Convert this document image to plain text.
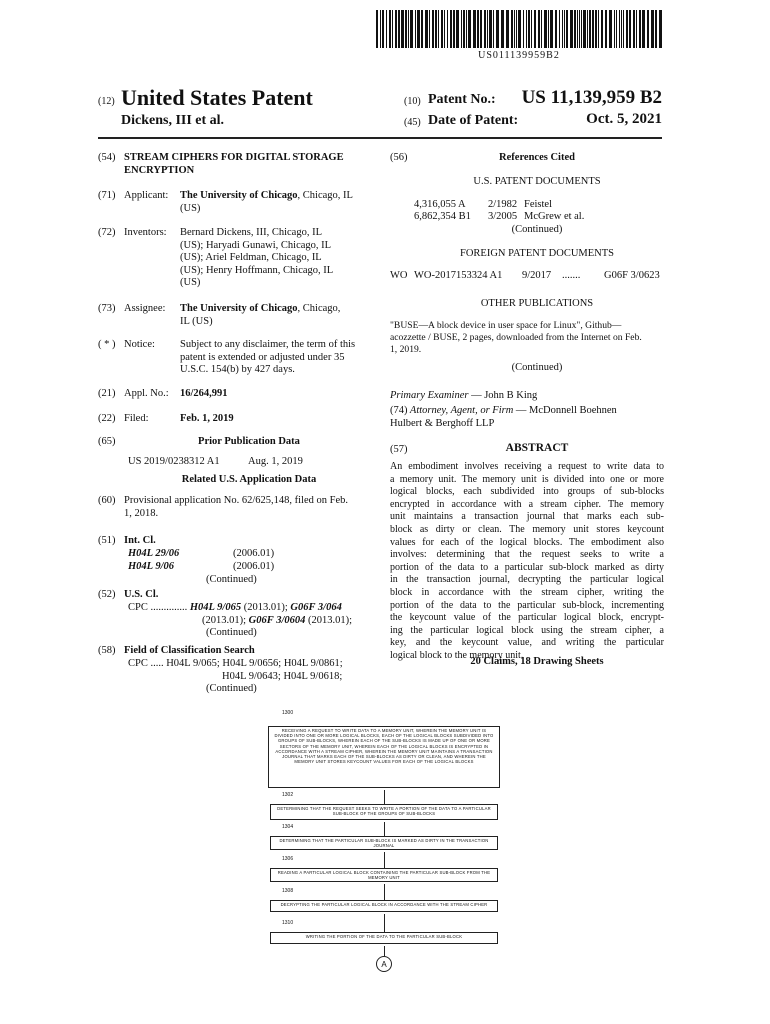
US011139959B2
(12) United States Patent	(10) Patent No.: US 11,139,959 B2
Dickens, III et al.	(45) Date of Patent:	Oct. 5, 2021
(54) STREAM CIPHERS FOR DIGITAL STORAGE ENCRYPTION
(71) Applicant: The University of Chicago, Chicago, IL (US)
(72) Inventors: Bernard Dickens, III, Chicago, IL
(US); Haryadi Gunawi, Chicago, IL
(US); Ariel Feldman, Chicago, IL
(US); Henry Hoffmann, Chicago, IL
(US)
(73) Assignee: The University of Chicago, Chicago,
IL (US)
( * ) Notice: Subject to any disclaimer, the term of this
patent is extended or adjusted under 35
U.S.C. 154(b) by 427 days.
(21) Appl. No.: 16/264,991
(22) Filed:	Feb. 1, 2019
(65)	Prior Publication Data
US 2019/0238312 A1	Aug. 1, 2019
Related U.S. Application Data
(60) Provisional application No. 62/625,148, filed on Feb.
1, 2018.
(51) Int. Cl.
H04L 29/06	(2006.01)
H04L 9/06	(2006.01)
(Continued)
(52) U.S. Cl.
CPC .............. H04L 9/065 (2013.01); G06F 3/064
(2013.01); G06F 3/0604 (2013.01);
(Continued)
(58) Field of Classification Search
CPC ..... H04L 9/065; H04L 9/0656; H04L 9/0861;
H04L 9/0643; H04L 9/0618;
(Continued)
(56)	References Cited
U.S. PATENT DOCUMENTS
4,316,055 A 2/1982 Feistel
6,862,354 B1 3/2005 McGrew et al.
(Continued)
FOREIGN PATENT DOCUMENTS
WO WO-2017153324 A1 9/2017 ....... G06F 3/0623
OTHER PUBLICATIONS
"BUSE—A block device in user space for Linux", Github—
acozzette / BUSE, 2 pages, downloaded from the Internet on Feb.
1, 2019.
(Continued)
Primary Examiner — John B King
(74) Attorney, Agent, or Firm — McDonnell Boehnen
Hulbert & Berghoff LLP
(57)	ABSTRACT
An embodiment involves receiving a request to write data to
a memory unit. The memory unit is divided into one or more
logical blocks, each subdivided into groups of sub-blocks
encrypted in accordance with a stream cipher. The memory
unit maintains a transaction journal that marks each sub-
block as dirty or clean. The memory unit stores keycount
values for each of the logical blocks. The embodiment also
involves: determining that the request seeks to write a
portion of the data to a particular sub-block marked as dirty
in the transaction journal, decrypting the particular logical
block in accordance with the stream cipher, writing the
portion of the data to the particular sub-block, incrementing
the keycount value of the particular logical block, encrypt-
ing the particular logical block using the stream cipher, a
key, and the keycount value, and writing the particular
logical block to the memory unit.
20 Claims, 18 Drawing Sheets
1300
RECEIVING A REQUEST TO WRITE DATA TO A MEMORY UNIT, WHEREIN THE MEMORY UNIT IS DIVIDED INTO ONE OR MORE LOGICAL BLOCKS, EACH OF THE LOGICAL BLOCKS SUBDIVIDED INTO GROUPS OF SUB-BLOCKS, WHEREIN EACH OF THE SUB-BLOCKS IS MADE UP OF ONE OR MORE SECTORS OF THE MEMORY UNIT, WHEREIN EACH OF THE LOGICAL BLOCKS IS ENCRYPTED IN ACCORDANCE WITH A STREAM CIPHER, WHEREIN THE MEMORY UNIT MAINTAINS A TRANSACTION JOURNAL THAT MARKS EACH OF THE SUB-BLOCKS AS DIRTY OR CLEAN, AND WHEREIN THE MEMORY UNIT STORES KEYCOUNT VALUES FOR EACH OF THE LOGICAL BLOCKS
1302
DETERMINING THAT THE REQUEST SEEKS TO WRITE A PORTION OF THE DATA TO A PARTICULAR SUB-BLOCK OF THE GROUPS OF SUB-BLOCKS
1304
DETERMINING THAT THE PARTICULAR SUB-BLOCK IS MARKED AS DIRTY IN THE TRANSACTION JOURNAL
1306
READING A PARTICULAR LOGICAL BLOCK CONTAINING THE PARTICULAR SUB-BLOCK FROM THE MEMORY UNIT
1308
DECRYPTING THE PARTICULAR LOGICAL BLOCK IN ACCORDANCE WITH THE STREAM CIPHER
1310
WRITING THE PORTION OF THE DATA TO THE PARTICULAR SUB-BLOCK
A
